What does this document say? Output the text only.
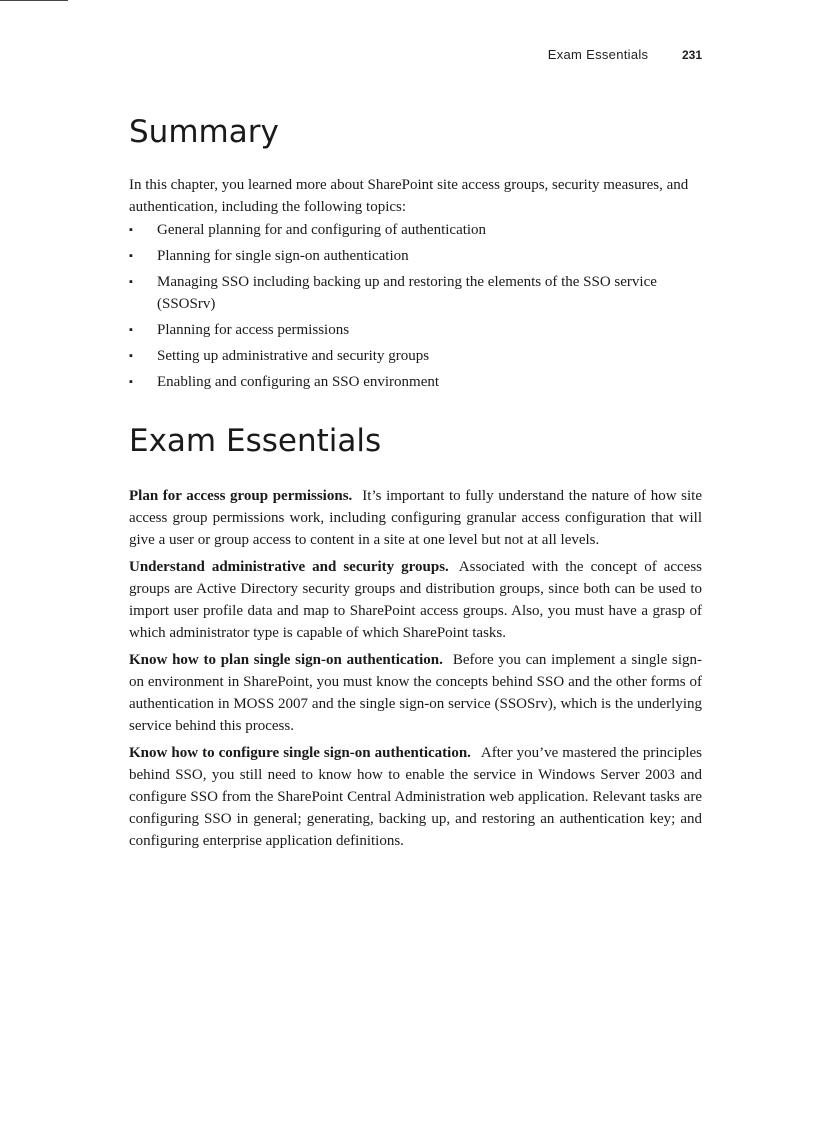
Exam Essentials	231
Summary

In this chapter, you learned more about SharePoint site access groups, security measures, and authentication, including the following topics:

▪ General planning for and configuring of authentication
▪ Planning for single sign-on authentication
▪ Managing SSO including backing up and restoring the elements of the SSO service (SSOSrv)
▪ Planning for access permissions
▪ Setting up administrative and security groups
▪ Enabling and configuring an SSO environment
Exam Essentials

Plan for access group permissions. It’s important to fully understand the nature of how site access group permissions work, including configuring granular access configuration that will give a user or group access to content in a site at one level but not at all levels.

Understand administrative and security groups. Associated with the concept of access groups are Active Directory security groups and distribution groups, since both can be used to import user profile data and map to SharePoint access groups. Also, you must have a grasp of which administrator type is capable of which SharePoint tasks.

Know how to plan single sign-on authentication. Before you can implement a single sign-on environment in SharePoint, you must know the concepts behind SSO and the other forms of authentication in MOSS 2007 and the single sign-on service (SSOSrv), which is the underlying service behind this process.

Know how to configure single sign-on authentication. After you’ve mastered the principles behind SSO, you still need to know how to enable the service in Windows Server 2003 and configure SSO from the SharePoint Central Administration web application. Relevant tasks are configuring SSO in general; generating, backing up, and restoring an authentication key; and configuring enterprise application definitions.
